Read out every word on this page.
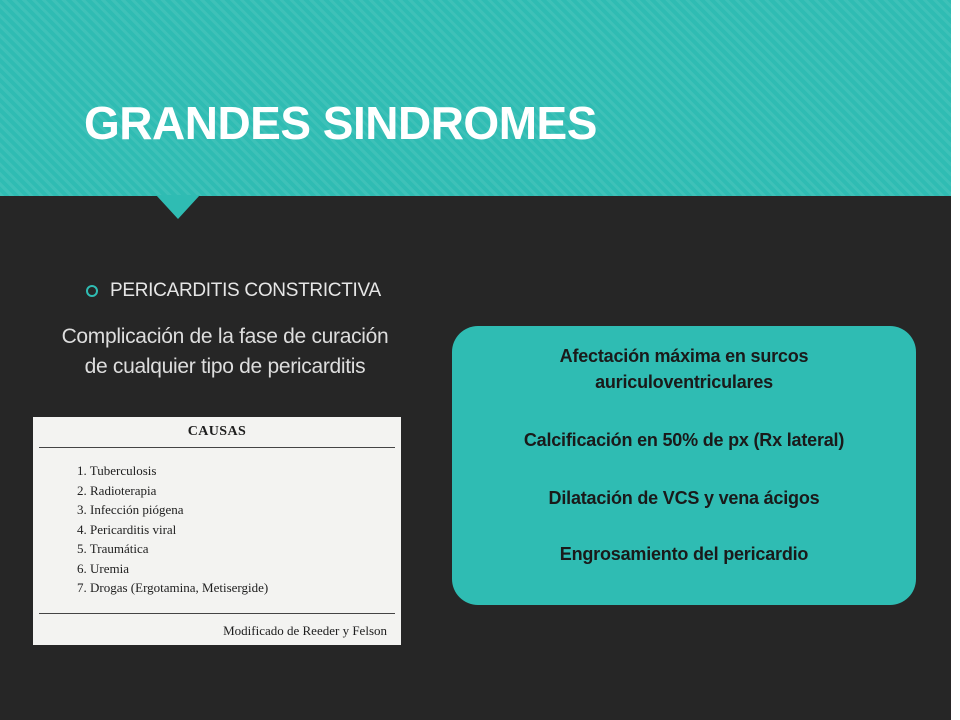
GRANDES SINDROMES
PERICARDITIS CONSTRICTIVA
Complicación de la fase de curación
de cualquier tipo de pericarditis
CAUSAS
1. Tuberculosis
2. Radioterapia
3. Infección piógena
4. Pericarditis viral
5. Traumática
6. Uremia
7. Drogas (Ergotamina, Metisergide)
Modificado de Reeder y Felson
Afectación máxima en surcos
auriculoventriculares
Calcificación en 50% de px (Rx lateral)
Dilatación de VCS y vena ácigos
Engrosamiento del pericardio
